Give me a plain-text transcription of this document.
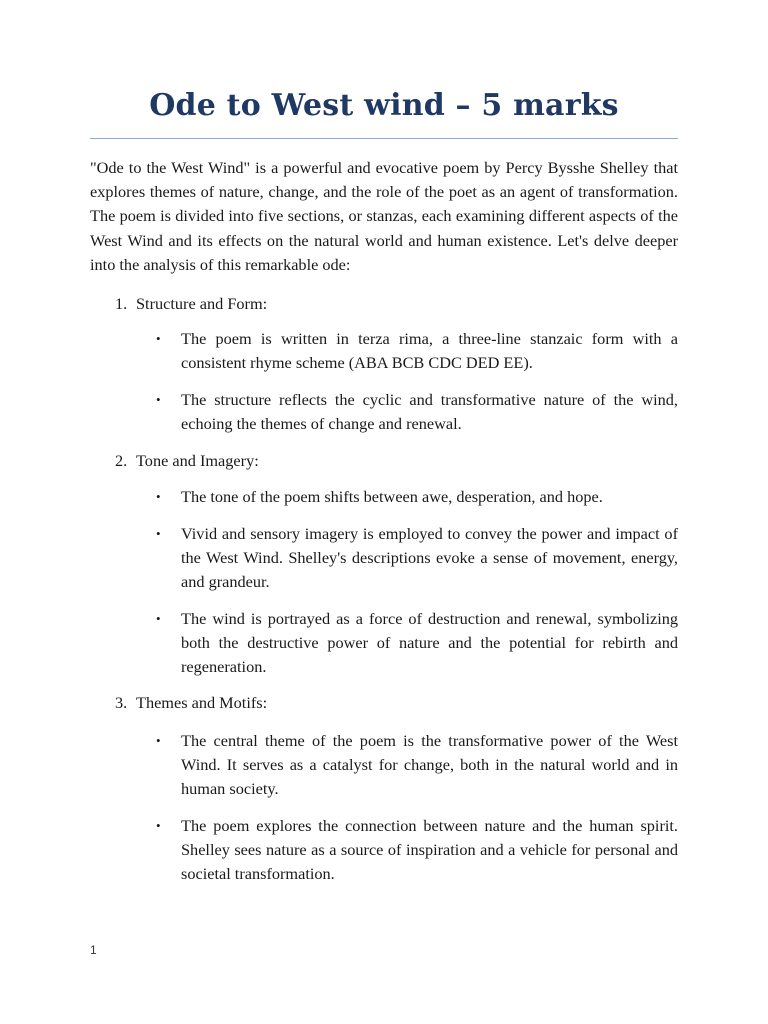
Ode to West wind – 5 marks

"Ode to the West Wind" is a powerful and evocative poem by Percy Bysshe Shelley that explores themes of nature, change, and the role of the poet as an agent of transformation. The poem is divided into five sections, or stanzas, each examining different aspects of the West Wind and its effects on the natural world and human existence. Let's delve deeper into the analysis of this remarkable ode:

1. Structure and Form:

• The poem is written in terza rima, a three-line stanzaic form with a consistent rhyme scheme (ABA BCB CDC DED EE).

• The structure reflects the cyclic and transformative nature of the wind, echoing the themes of change and renewal.

2. Tone and Imagery:

• The tone of the poem shifts between awe, desperation, and hope.

• Vivid and sensory imagery is employed to convey the power and impact of the West Wind. Shelley's descriptions evoke a sense of movement, energy, and grandeur.

• The wind is portrayed as a force of destruction and renewal, symbolizing both the destructive power of nature and the potential for rebirth and regeneration.

3. Themes and Motifs:

• The central theme of the poem is the transformative power of the West Wind. It serves as a catalyst for change, both in the natural world and in human society.

• The poem explores the connection between nature and the human spirit. Shelley sees nature as a source of inspiration and a vehicle for personal and societal transformation.

1
